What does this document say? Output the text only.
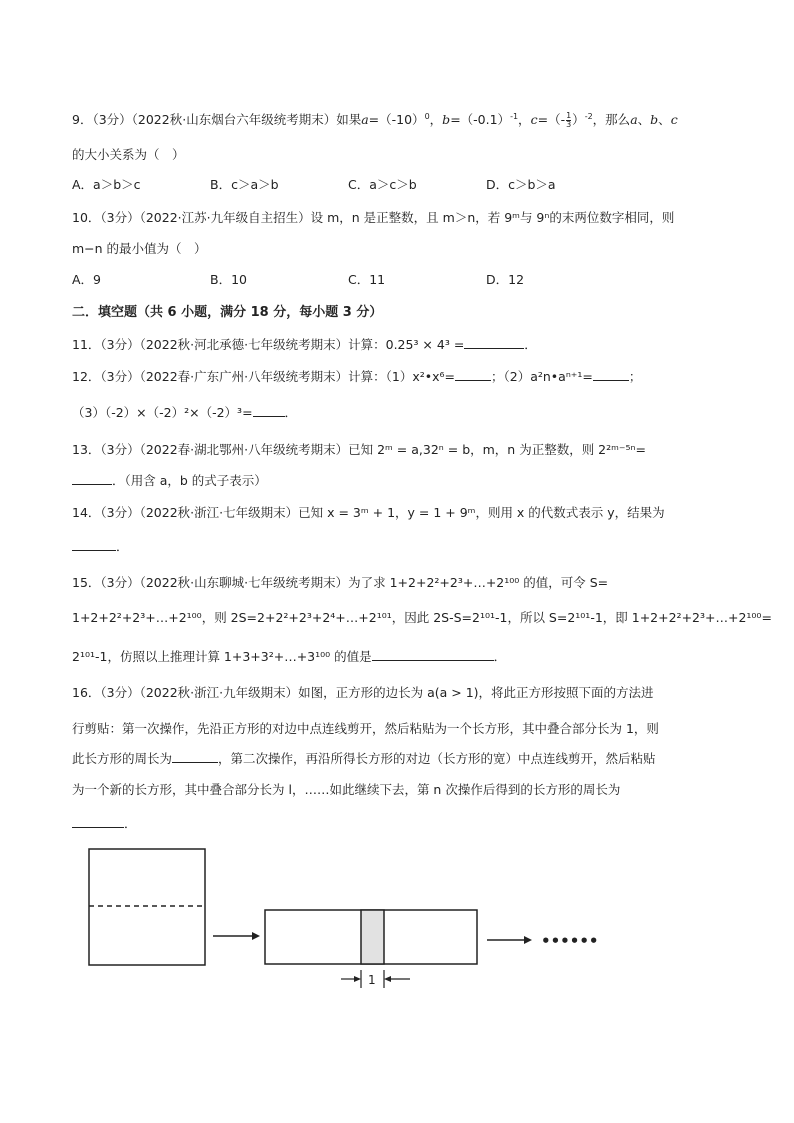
9．（3分）（2022秋·山东烟台六年级统考期末）如果$a=(-10)^0$，$b=(-0.1)^{-1}$，$c=(- \frac{1}{3} )^{-2}$，那么a、b、c
的大小关系为（　）
A．a＞b＞c	B．c＞a＞b	C．a＞c＞b	D．c＞b＞a
10．（3分）（2022·江苏·九年级自主招生）设 m，n 是正整数，且 m＞n，若 9ᵐ与 9ⁿ的末两位数字相同，则
m−n 的最小值为（　）
A．9	B．10	C．11	D．12
二．填空题（共 6 小题，满分 18 分，每小题 3 分）
11．（3分）（2022秋·河北承德·七年级统考期末）计算：0.25³ × 4³ =	．
12．（3分）（2022春·广东广州·八年级统考期末）计算：（1）x²•x⁶=	；（2）a²n•aⁿ⁺¹=	；
（3）（-2）×（-2）²×（-2）³=	．
13．（3分）（2022春·湖北鄂州·八年级统考期末）已知 2ᵐ = a,32ⁿ = b，m，n 为正整数，则 2²ᵐ⁻⁵ⁿ=
．（用含 a，b 的式子表示）
14．（3分）（2022秋·浙江·七年级期末）已知 x = 3ᵐ + 1，y = 1 + 9ᵐ，则用 x 的代数式表示 y，结果为
．
15．（3分）（2022秋·山东聊城·七年级统考期末）为了求 1+2+2²+2³+…+2¹⁰⁰ 的值，可令 S=
1+2+2²+2³+…+2¹⁰⁰，则 2S=2+2²+2³+2⁴+…+2¹⁰¹，因此 2S-S=2¹⁰¹-1，所以 S=2¹⁰¹-1，即 1+2+2²+2³+…+2¹⁰⁰=
2¹⁰¹-1，仿照以上推理计算 1+3+3²+…+3¹⁰⁰ 的值是	．
16．（3分）（2022秋·浙江·九年级期末）如图，正方形的边长为 a(a > 1)，将此正方形按照下面的方法进
行剪贴：第一次操作，先沿正方形的对边中点连线剪开，然后粘贴为一个长方形，其中叠合部分长为 1，则
此长方形的周长为	，第二次操作，再沿所得长方形的对边（长方形的宽）中点连线剪开，然后粘贴
为一个新的长方形，其中叠合部分长为 l，……如此继续下去，第 n 次操作后得到的长方形的周长为
．
••••••
1
